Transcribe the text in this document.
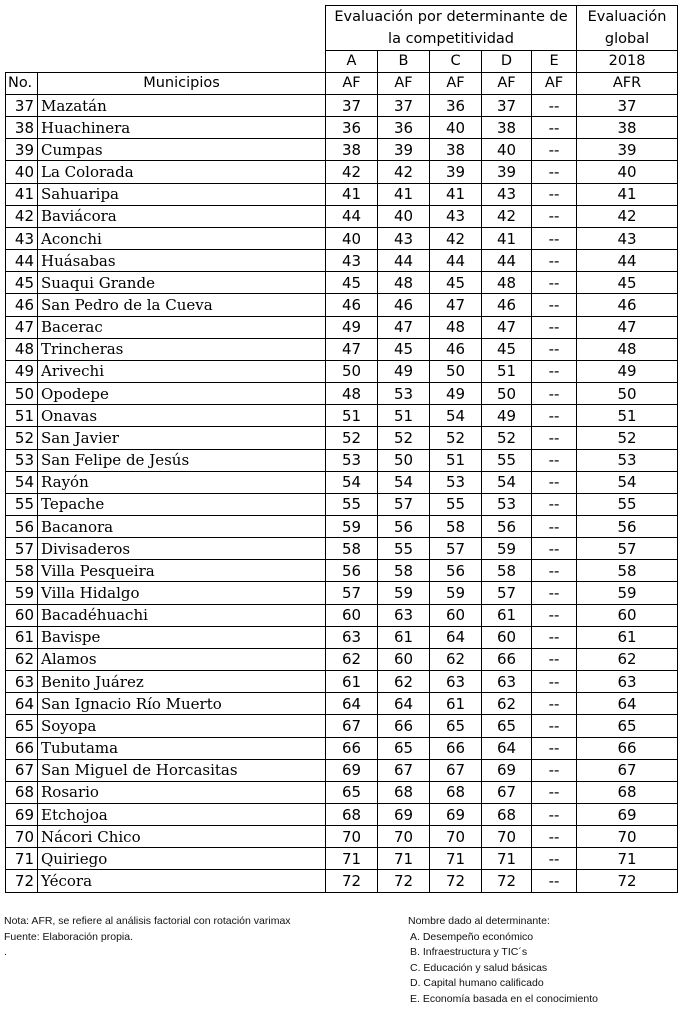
		Evaluación por determinante de la competitividad					Evaluación global
		A	B	C	D	E	2018
No.	Municipios	AF	AF	AF	AF	AF	AFR
37	Mazatán	37	37	36	37	--	37
38	Huachinera	36	36	40	38	--	38
39	Cumpas	38	39	38	40	--	39
40	La Colorada	42	42	39	39	--	40
41	Sahuaripa	41	41	41	43	--	41
42	Baviácora	44	40	43	42	--	42
43	Aconchi	40	43	42	41	--	43
44	Huásabas	43	44	44	44	--	44
45	Suaqui Grande	45	48	45	48	--	45
46	San Pedro de la Cueva	46	46	47	46	--	46
47	Bacerac	49	47	48	47	--	47
48	Trincheras	47	45	46	45	--	48
49	Arivechi	50	49	50	51	--	49
50	Opodepe	48	53	49	50	--	50
51	Onavas	51	51	54	49	--	51
52	San Javier	52	52	52	52	--	52
53	San Felipe de Jesús	53	50	51	55	--	53
54	Rayón	54	54	53	54	--	54
55	Tepache	55	57	55	53	--	55
56	Bacanora	59	56	58	56	--	56
57	Divisaderos	58	55	57	59	--	57
58	Villa Pesqueira	56	58	56	58	--	58
59	Villa Hidalgo	57	59	59	57	--	59
60	Bacadéhuachi	60	63	60	61	--	60
61	Bavispe	63	61	64	60	--	61
62	Alamos	62	60	62	66	--	62
63	Benito Juárez	61	62	63	63	--	63
64	San Ignacio Río Muerto	64	64	61	62	--	64
65	Soyopa	67	66	65	65	--	65
66	Tubutama	66	65	66	64	--	66
67	San Miguel de Horcasitas	69	67	67	69	--	67
68	Rosario	65	68	68	67	--	68
69	Etchojoa	68	69	69	68	--	69
70	Nácori Chico	70	70	70	70	--	70
71	Quiriego	71	71	71	71	--	71
72	Yécora	72	72	72	72	--	72
Nota: AFR, se refiere al análisis factorial con rotación varimax
Fuente: Elaboración propia.
.
Nombre dado al determinante:
A. Desempeño económico
B. Infraestructura y TIC´s
C. Educación y salud básicas
D. Capital humano calificado
E. Economía basada en el conocimiento
